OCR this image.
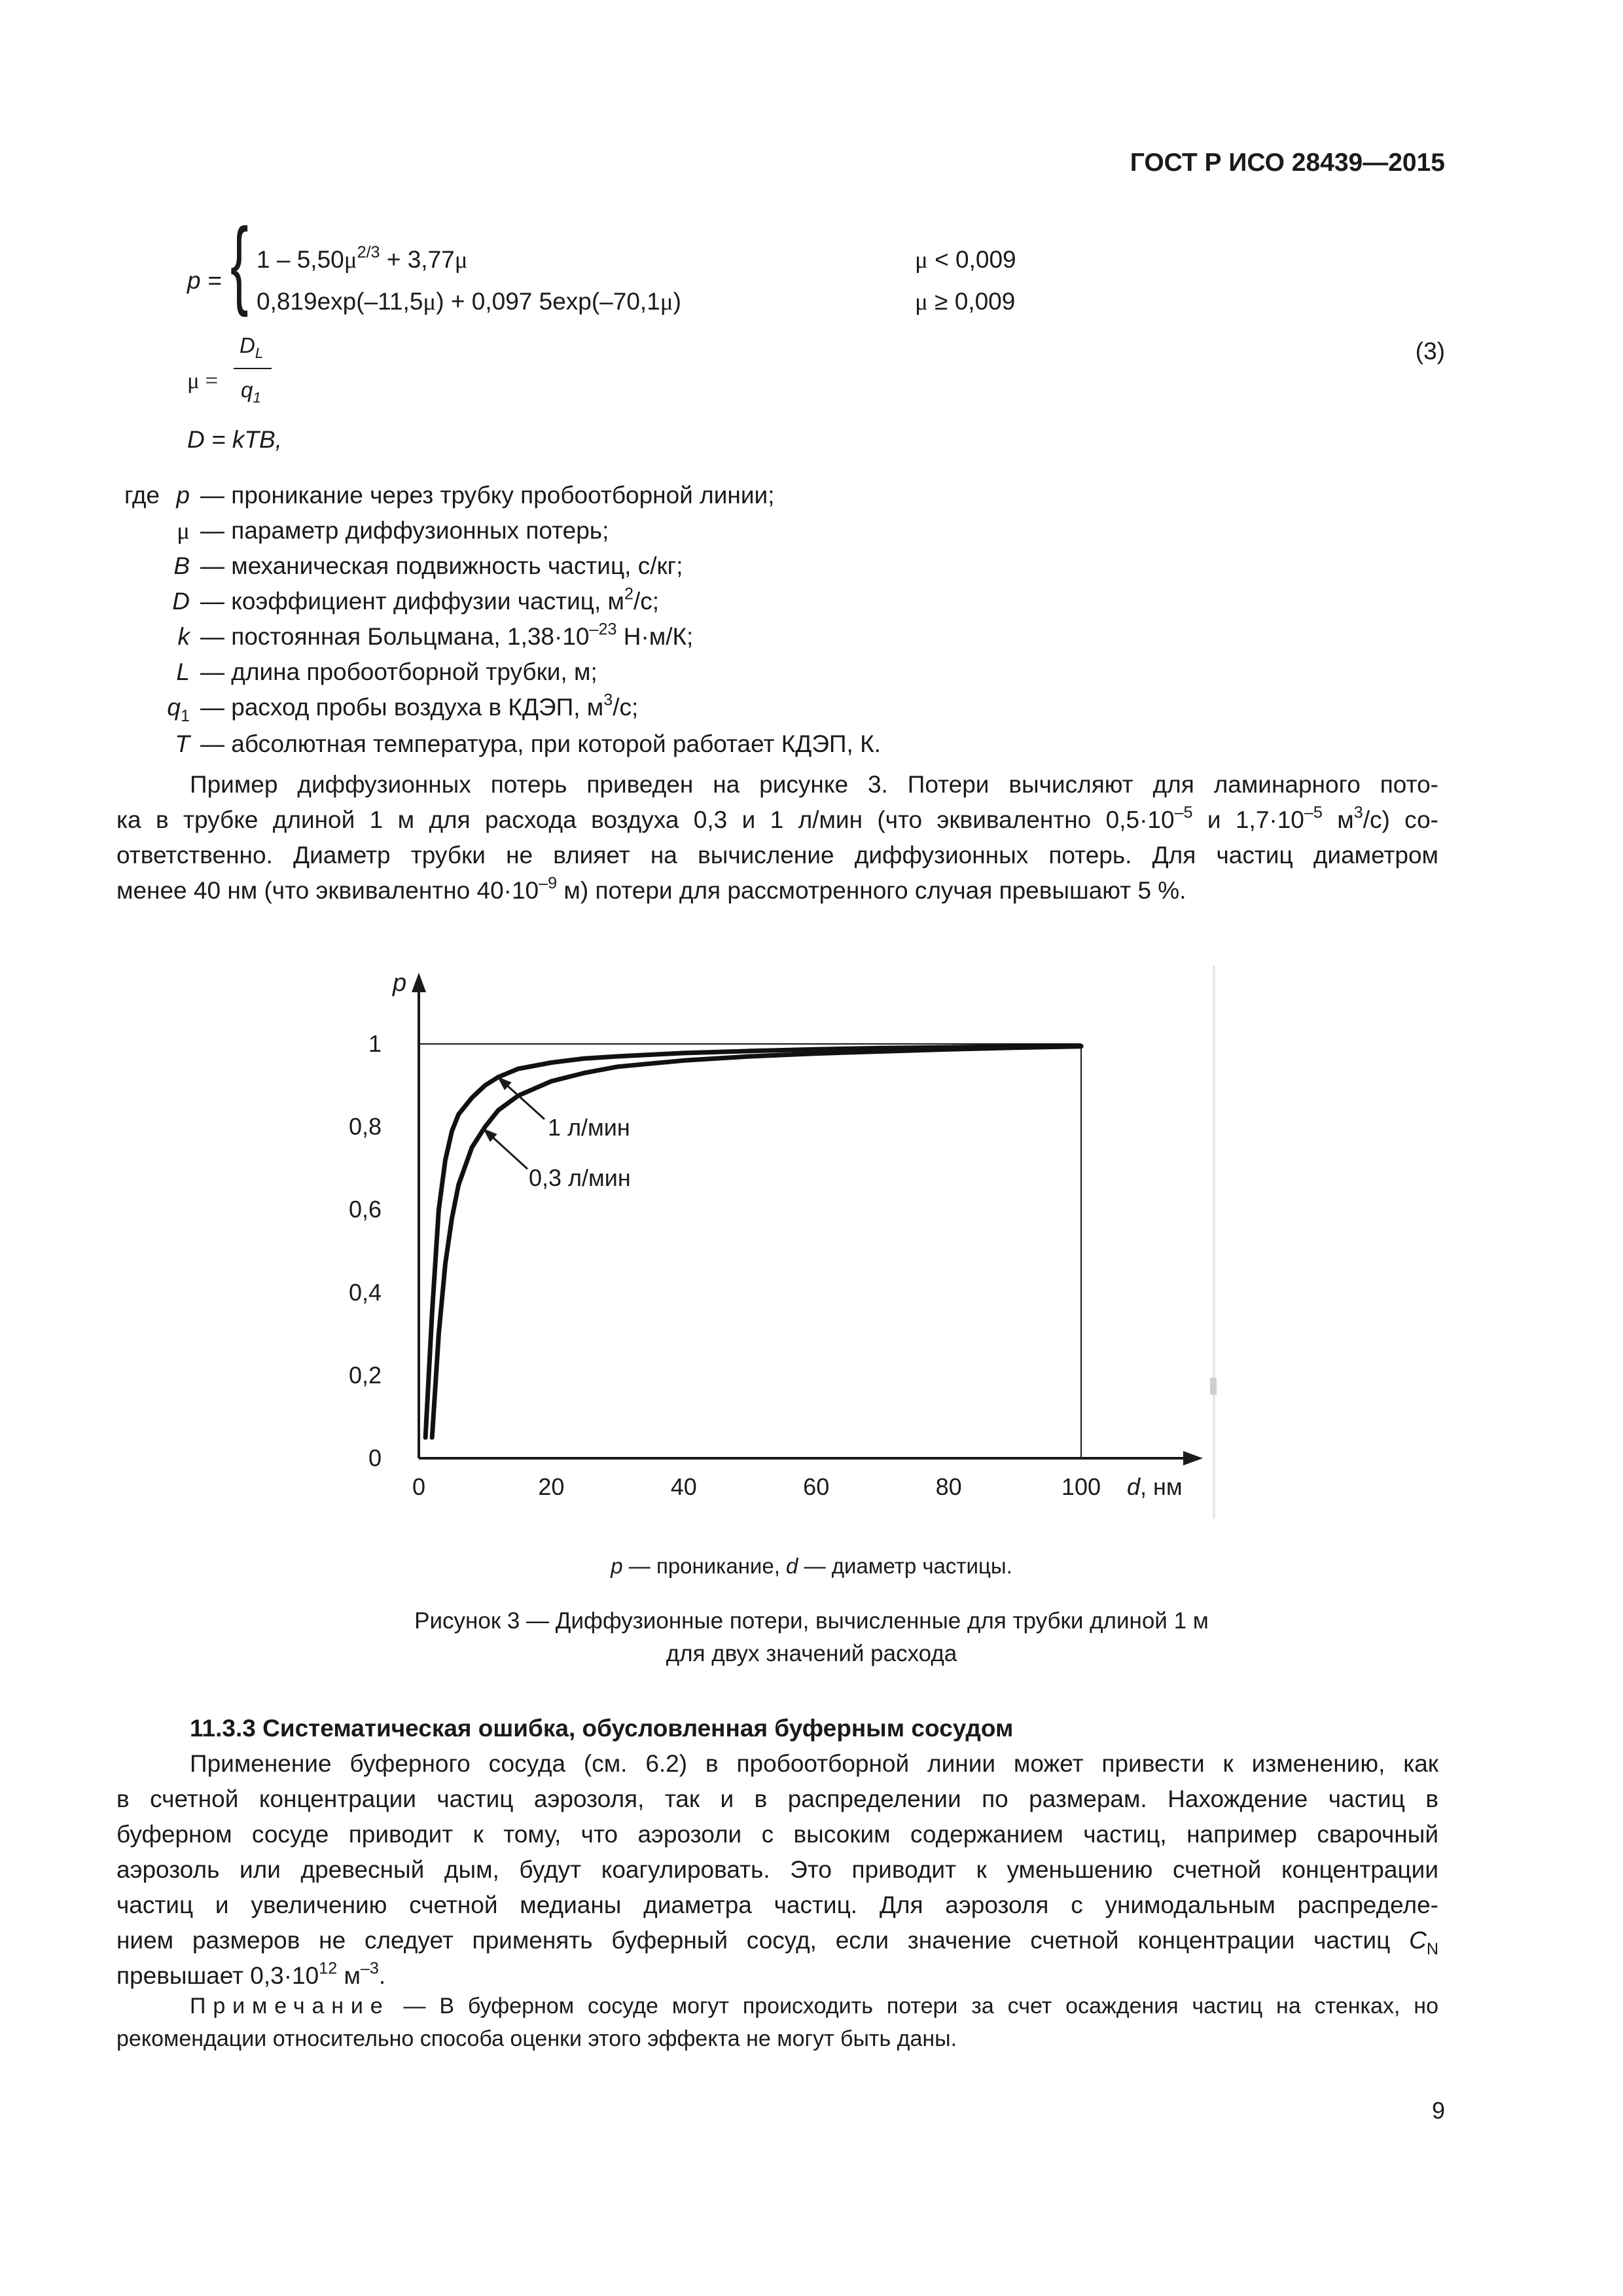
ГОСТ Р ИСО 28439—2015
p = { $1 - 5,50\mu^{2/3} + 3,77\mu$	μ < 0,009
0,819exp(–11,5μ) + 0,097 5exp(–70,1μ)	μ ≥ 0,009
μ =
$D_L$
$q_1$
(3)
D = kTB,
где p — проникание через трубку пробоотборной линии;
μ — параметр диффузионных потерь;
B — механическая подвижность частиц, с/кг;
D — коэффициент диффузии частиц, $м^2/с$;
k — постоянная Больцмана, $1,38\cdot 10^{-23}$ Н·м/К;
L — длина пробоотборной трубки, м;
$q_1$ — расход пробы воздуха в КДЭП, $м^3/с$;
T — абсолютная температура, при которой работает КДЭП, К.
Пример диффузионных потерь приведен на рисунке 3. Потери вычисляют для ламинарного пото-
ка в трубке длиной 1 м для расхода воздуха 0,3 и 1 л/мин (что эквивалентно $0,5\cdot 10^{-5}$ и $1,7\cdot 10^{-5}$ $м^3/с$) со-
ответственно. Диаметр трубки не влияет на вычисление диффузионных потерь. Для частиц диаметром
менее 40 нм (что эквивалентно $40\cdot 10^{-9}$ м) потери для рассмотренного случая превышают 5 %.
0	20	40	60	80	100
0
0,2
0,4
0,6
0,8
1
p
d, нм
1 л/мин
0,3 л/мин
p — проникание, d — диаметр частицы.
Рисунок 3 — Диффузионные потери, вычисленные для трубки длиной 1 м
для двух значений расхода
11.3.3 Систематическая ошибка, обусловленная буферным сосудом
Применение буферного сосуда (см. 6.2) в пробоотборной линии может привести к изменению, как
в счетной концентрации частиц аэрозоля, так и в распределении по размерам. Нахождение частиц в
буферном сосуде приводит к тому, что аэрозоли с высоким содержанием частиц, например сварочный
аэрозоль или древесный дым, будут коагулировать. Это приводит к уменьшению счетной концентрации
частиц и увеличению счетной медианы диаметра частиц. Для аэрозоля с унимодальным распределе-
нием размеров не следует применять буферный сосуд, если значение счетной концентрации частиц $C_N$
превышает $0,3\cdot 10^{12}$ $м^{-3}$.
Примечание — В буферном сосуде могут происходить потери за счет осаждения частиц на стенках, но
рекомендации относительно способа оценки этого эффекта не могут быть даны.
9
